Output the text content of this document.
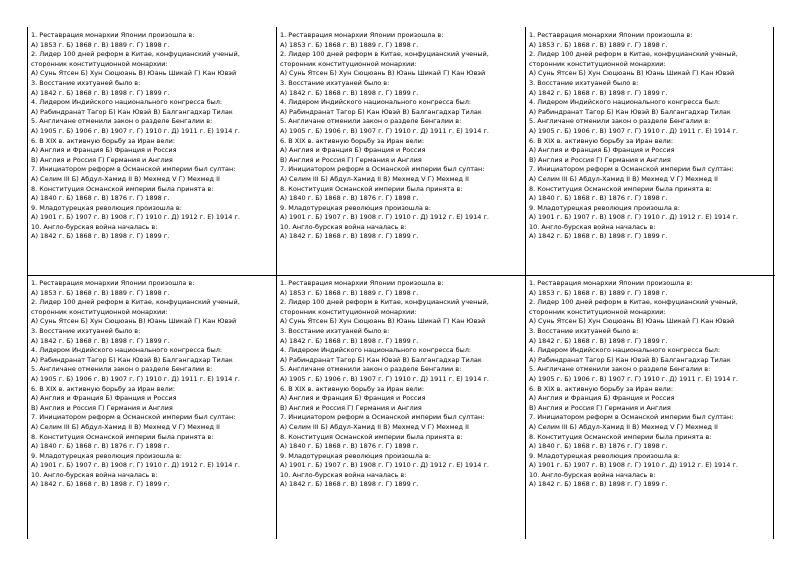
1. Реставрация монархии Японии произошла в:
А) 1853 г. Б) 1868 г. В) 1889 г. Г) 1898 г.
2. Лидер 100 дней реформ в Китае, конфуцианский ученый, сторонник конституционной монархии:
А) Сунь Ятсен Б) Хун Сюцюань В) Юань Шикай Г) Кан Ювэй
3. Восстание ихэтуаней было в:
А) 1842 г. Б) 1868 г. В) 1898 г. Г) 1899 г.
4. Лидером Индийского национального конгресса был:
А) Рабиндранат Тагор Б) Кан Ювэй В) Балгангадхар Тилак
5. Англичане отменили закон о разделе Бенгалии в:
А) 1905 г. Б) 1906 г. В) 1907 г. Г) 1910 г. Д) 1911 г. Е) 1914 г.
6. В XIX в. активную борьбу за Иран вели:
А) Англия и Франция Б) Франция и Россия
В) Англия и Россия Г) Германия и Англия
7. Инициатором реформ в Османской империи был султан:
А) Селим III Б) Абдул-Хамид II В) Мехмед V Г) Мехмед II
8. Конституция Османской империи была принята в:
А) 1840 г. Б) 1868 г. В) 1876 г. Г) 1898 г.
9. Младотурецкая революция произошла в:
А) 1901 г. Б) 1907 г. В) 1908 г. Г) 1910 г. Д) 1912 г. Е) 1914 г.
10. Англо-бурская война началась в:
А) 1842 г. Б) 1868 г. В) 1898 г. Г) 1899 г.
1. Реставрация монархии Японии произошла в:
А) 1853 г. Б) 1868 г. В) 1889 г. Г) 1898 г.
2. Лидер 100 дней реформ в Китае, конфуцианский ученый, сторонник конституционной монархии:
А) Сунь Ятсен Б) Хун Сюцюань В) Юань Шикай Г) Кан Ювэй
3. Восстание ихэтуаней было в:
А) 1842 г. Б) 1868 г. В) 1898 г. Г) 1899 г.
4. Лидером Индийского национального конгресса был:
А) Рабиндранат Тагор Б) Кан Ювэй В) Балгангадхар Тилак
5. Англичане отменили закон о разделе Бенгалии в:
А) 1905 г. Б) 1906 г. В) 1907 г. Г) 1910 г. Д) 1911 г. Е) 1914 г.
6. В XIX в. активную борьбу за Иран вели:
А) Англия и Франция Б) Франция и Россия
В) Англия и Россия Г) Германия и Англия
7. Инициатором реформ в Османской империи был султан:
А) Селим III Б) Абдул-Хамид II В) Мехмед V Г) Мехмед II
8. Конституция Османской империи была принята в:
А) 1840 г. Б) 1868 г. В) 1876 г. Г) 1898 г.
9. Младотурецкая революция произошла в:
А) 1901 г. Б) 1907 г. В) 1908 г. Г) 1910 г. Д) 1912 г. Е) 1914 г.
10. Англо-бурская война началась в:
А) 1842 г. Б) 1868 г. В) 1898 г. Г) 1899 г.
1. Реставрация монархии Японии произошла в:
А) 1853 г. Б) 1868 г. В) 1889 г. Г) 1898 г.
2. Лидер 100 дней реформ в Китае, конфуцианский ученый, сторонник конституционной монархии:
А) Сунь Ятсен Б) Хун Сюцюань В) Юань Шикай Г) Кан Ювэй
3. Восстание ихэтуаней было в:
А) 1842 г. Б) 1868 г. В) 1898 г. Г) 1899 г.
4. Лидером Индийского национального конгресса был:
А) Рабиндранат Тагор Б) Кан Ювэй В) Балгангадхар Тилак
5. Англичане отменили закон о разделе Бенгалии в:
А) 1905 г. Б) 1906 г. В) 1907 г. Г) 1910 г. Д) 1911 г. Е) 1914 г.
6. В XIX в. активную борьбу за Иран вели:
А) Англия и Франция Б) Франция и Россия
В) Англия и Россия Г) Германия и Англия
7. Инициатором реформ в Османской империи был султан:
А) Селим III Б) Абдул-Хамид II В) Мехмед V Г) Мехмед II
8. Конституция Османской империи была принята в:
А) 1840 г. Б) 1868 г. В) 1876 г. Г) 1898 г.
9. Младотурецкая революция произошла в:
А) 1901 г. Б) 1907 г. В) 1908 г. Г) 1910 г. Д) 1912 г. Е) 1914 г.
10. Англо-бурская война началась в:
А) 1842 г. Б) 1868 г. В) 1898 г. Г) 1899 г.
1. Реставрация монархии Японии произошла в:
А) 1853 г. Б) 1868 г. В) 1889 г. Г) 1898 г.
2. Лидер 100 дней реформ в Китае, конфуцианский ученый, сторонник конституционной монархии:
А) Сунь Ятсен Б) Хун Сюцюань В) Юань Шикай Г) Кан Ювэй
3. Восстание ихэтуаней было в:
А) 1842 г. Б) 1868 г. В) 1898 г. Г) 1899 г.
4. Лидером Индийского национального конгресса был:
А) Рабиндранат Тагор Б) Кан Ювэй В) Балгангадхар Тилак
5. Англичане отменили закон о разделе Бенгалии в:
А) 1905 г. Б) 1906 г. В) 1907 г. Г) 1910 г. Д) 1911 г. Е) 1914 г.
6. В XIX в. активную борьбу за Иран вели:
А) Англия и Франция Б) Франция и Россия
В) Англия и Россия Г) Германия и Англия
7. Инициатором реформ в Османской империи был султан:
А) Селим III Б) Абдул-Хамид II В) Мехмед V Г) Мехмед II
8. Конституция Османской империи была принята в:
А) 1840 г. Б) 1868 г. В) 1876 г. Г) 1898 г.
9. Младотурецкая революция произошла в:
А) 1901 г. Б) 1907 г. В) 1908 г. Г) 1910 г. Д) 1912 г. Е) 1914 г.
10. Англо-бурская война началась в:
А) 1842 г. Б) 1868 г. В) 1898 г. Г) 1899 г.
1. Реставрация монархии Японии произошла в:
А) 1853 г. Б) 1868 г. В) 1889 г. Г) 1898 г.
2. Лидер 100 дней реформ в Китае, конфуцианский ученый, сторонник конституционной монархии:
А) Сунь Ятсен Б) Хун Сюцюань В) Юань Шикай Г) Кан Ювэй
3. Восстание ихэтуаней было в:
А) 1842 г. Б) 1868 г. В) 1898 г. Г) 1899 г.
4. Лидером Индийского национального конгресса был:
А) Рабиндранат Тагор Б) Кан Ювэй В) Балгангадхар Тилак
5. Англичане отменили закон о разделе Бенгалии в:
А) 1905 г. Б) 1906 г. В) 1907 г. Г) 1910 г. Д) 1911 г. Е) 1914 г.
6. В XIX в. активную борьбу за Иран вели:
А) Англия и Франция Б) Франция и Россия
В) Англия и Россия Г) Германия и Англия
7. Инициатором реформ в Османской империи был султан:
А) Селим III Б) Абдул-Хамид II В) Мехмед V Г) Мехмед II
8. Конституция Османской империи была принята в:
А) 1840 г. Б) 1868 г. В) 1876 г. Г) 1898 г.
9. Младотурецкая революция произошла в:
А) 1901 г. Б) 1907 г. В) 1908 г. Г) 1910 г. Д) 1912 г. Е) 1914 г.
10. Англо-бурская война началась в:
А) 1842 г. Б) 1868 г. В) 1898 г. Г) 1899 г.
1. Реставрация монархии Японии произошла в:
А) 1853 г. Б) 1868 г. В) 1889 г. Г) 1898 г.
2. Лидер 100 дней реформ в Китае, конфуцианский ученый, сторонник конституционной монархии:
А) Сунь Ятсен Б) Хун Сюцюань В) Юань Шикай Г) Кан Ювэй
3. Восстание ихэтуаней было в:
А) 1842 г. Б) 1868 г. В) 1898 г. Г) 1899 г.
4. Лидером Индийского национального конгресса был:
А) Рабиндранат Тагор Б) Кан Ювэй В) Балгангадхар Тилак
5. Англичане отменили закон о разделе Бенгалии в:
А) 1905 г. Б) 1906 г. В) 1907 г. Г) 1910 г. Д) 1911 г. Е) 1914 г.
6. В XIX в. активную борьбу за Иран вели:
А) Англия и Франция Б) Франция и Россия
В) Англия и Россия Г) Германия и Англия
7. Инициатором реформ в Османской империи был султан:
А) Селим III Б) Абдул-Хамид II В) Мехмед V Г) Мехмед II
8. Конституция Османской империи была принята в:
А) 1840 г. Б) 1868 г. В) 1876 г. Г) 1898 г.
9. Младотурецкая революция произошла в:
А) 1901 г. Б) 1907 г. В) 1908 г. Г) 1910 г. Д) 1912 г. Е) 1914 г.
10. Англо-бурская война началась в:
А) 1842 г. Б) 1868 г. В) 1898 г. Г) 1899 г.
